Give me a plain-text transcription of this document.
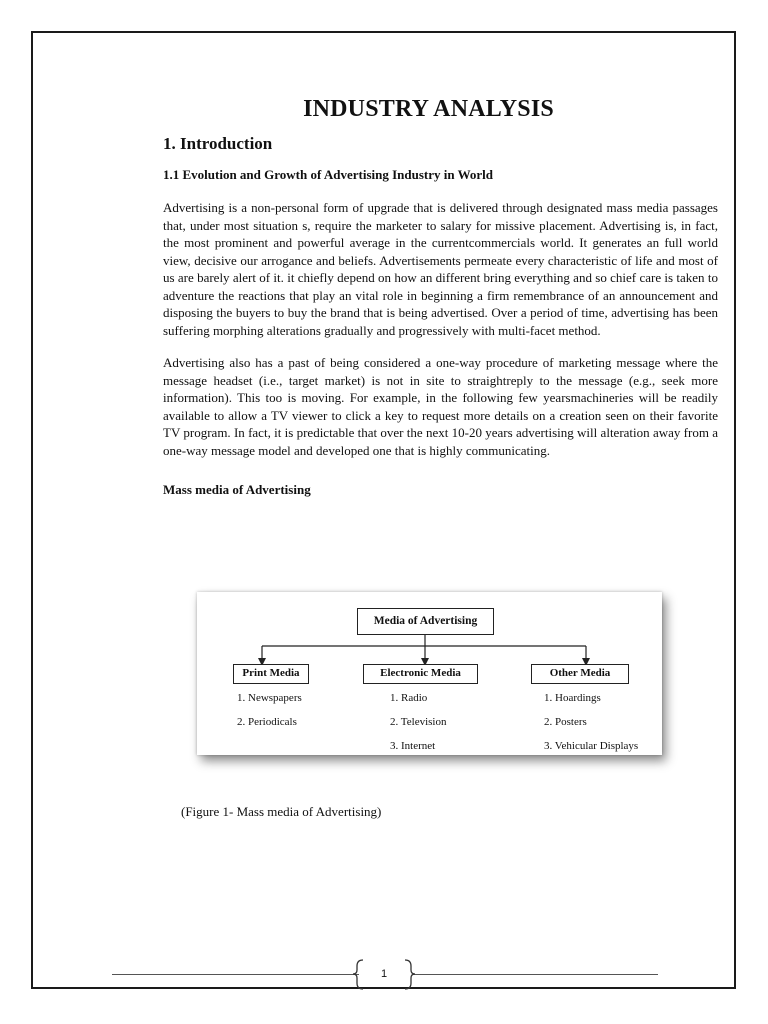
INDUSTRY ANALYSIS
1. Introduction
1.1 Evolution and Growth of Advertising Industry in World

Advertising is a non-personal form of upgrade that is delivered through designated mass media passages that, under most situation s, require the marketer to salary for missive placement. Advertising is, in fact, the most prominent and powerful average in the currentcommercials world. It generates an full world view, decisive our arrogance and beliefs. Advertisements permeate every characteristic of life and most of us are barely alert of it. it chiefly depend on how an different bring everything and so chief care is taken to adventure the reactions that play an vital role in beginning a firm remembrance of an announcement and disposing the buyers to buy the brand that is being advertised. Over a period of time, advertising has been suffering morphing alterations gradually and progressively with multi-facet method.

Advertising also has a past of being considered a one-way procedure of marketing message where the message headset (i.e., target market) is not in site to straightreply to the message (e.g., seek more information). This too is moving. For example, in the following few yearsmachineries will be readily available to allow a TV viewer to click a key to request more details on a creation seen on their favorite TV program. In fact, it is predictable that over the next 10-20 years advertising will alteration away from a one-way message model and developed one that is highly communicating.

Mass media of Advertising
Media of Advertising
Print Media	Electronic Media	Other Media
1. Newspapers
2. Periodicals
1. Radio
2. Television
3. Internet
1. Hoardings
2. Posters
3. Vehicular Displays
(Figure 1- Mass media of Advertising)
1
